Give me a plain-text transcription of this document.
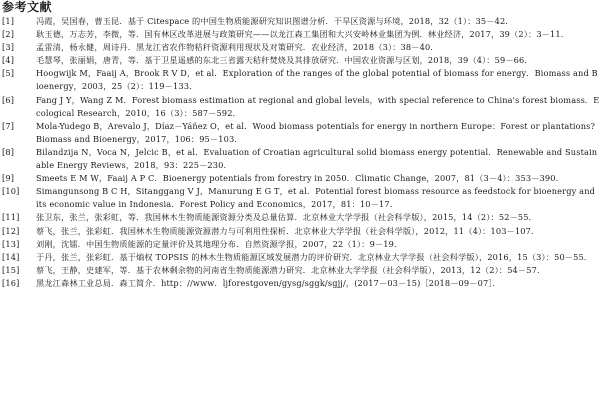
参考文献
[1]	冯霞，吴国春，曹玉昆．基于 Citespace 的中国生物质能源研究知识图谱分析．干旱区资源与环境，2018，32（1）：35－42．
[2]	耿玉德，万志芳，李微，等．国有林区改革进展与政策研究——以龙江森工集团和大兴安岭林业集团为例．林业经济，2017，39（2）：3－11．
[3]	孟雷清，杨永健，周诗丹．黑龙江省农作物秸秆资源利用现状及对策研究．农业经济，2018（3）：38－40．
[4]	毛慧琴，张丽娟，唐青，等．基于卫星遥感的东北三省露天秸秆焚烧及其排放研究．中国农业资源与区划，2018，39（4）：59－66．
[5]	Hoogwijk M，Faaij A，Brook R V D，et al．Exploration of the ranges of the global potential of biomass for energy．Biomass and Bioenergy，2003，25（2）：119－133．
[6]	Fang J Y，Wang Z M．Forest biomass estimation at regional and global levels，with special reference to China's forest biomass．Ecological Research，2010，16（3）：587－592．
[7]	Mola-Yudego B，Arevalo J，Díaz－Yáñez O，et al．Wood biomass potentials for energy in northern Europe：Forest or plantations? Biomass and Bioenergy，2017，106：95－103．
[8]	Bilandzija N，Voca N，Jelcic B，et al．Evaluation of Croatian agricultural solid biomass energy potential．Renewable and Sustainable Energy Reviews，2018，93：225－230．
[9]	Smeets E M W，Faaij A P C．Bioenergy potentials from forestry in 2050．Climatic Change，2007，81（3－4）：353－390．
[10]	Simangunsong B C H，Sitanggang V J，Manurung E G T，et al．Potential forest biomass resource as feedstock for bioenergy and its economic value in Indonesia．Forest Policy and Economics，2017，81：10－17．
[11]	张卫东，张兰，张彩虹，等．我国林木生物质能源资源分类及总量估算．北京林业大学学报（社会科学版），2015，14（2）：52－55．
[12]	蔡飞，张兰，张彩虹．我国林木生物质能源资源潜力与可利用性探析．北京林业大学学报（社会科学版），2012，11（4）：103－107．
[13]	刘刚，沈镭．中国生物质能源的定量评价及其地理分布．自然资源学报，2007，22（1）：9－19．
[14]	于丹，张兰，张彩虹．基于熵权 TOPSIS 的林木生物质能源区域发展潜力的评价研究．北京林业大学学报（社会科学版），2016，15（3）：50－55．
[15]	蔡飞，王静，史建军，等．基于农林剩余物的河南省生物质能源潜力研究．北京林业大学学报（社会科学版），2013，12（2）：54－57．
[16]	黑龙江森林工业总局．森工简介．http：//www．ljforestgoven/gysg/sggk/sgjj/，(2017－03－15)［2018－09－07］．
